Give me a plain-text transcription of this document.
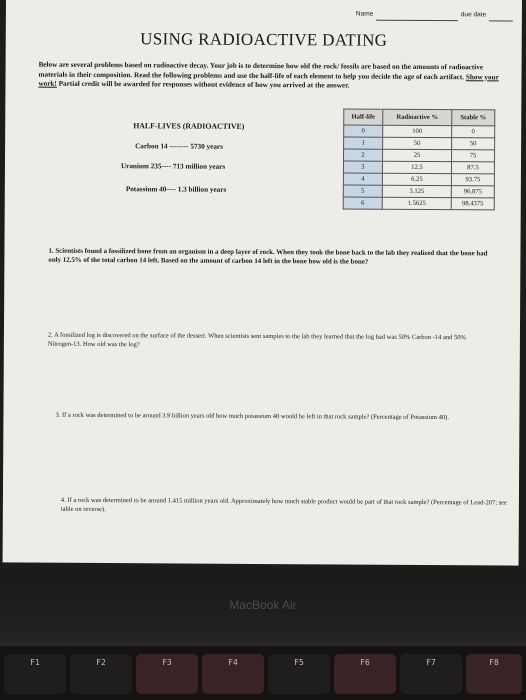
Name	due date
USING RADIOACTIVE DATING
Below are several problems based on radioactive decay. Your job is to determine how old the rock/ fossils are based on the amounts of radioactive materials in their composition. Read the following problems and use the half-life of each element to help you decide the age of each artifact. Show your work! Partial credit will be awarded for responses without evidence of how you arrived at the answer.
HALF-LIVES (RADIOACTIVE)
Carbon 14 -------- 5730 years
Uranium 235---- 713 million years
Potassium 40---- 1.3 billion years
Half-life	Radioactive %	Stable %
0	100	0
1	50	50
2	25	75
3	12.5	87.5
4	6.25	93.75
5	3.125	96.875
6	1.5625	98.4375
1. Scientists found a fossilized bone from an organism in a deep layer of rock. When they took the bone back to the lab they realized that the bone had only 12.5% of the total carbon 14 left. Based on the amount of carbon 14 left in the bone how old is the bone?
2. A fossilized log is discovered on the surface of the dessert. When scientists sent samples to the lab they learned that the log had was 50% Carbon -14 and 50% Nitrogen-13. How old was the log?
3. If a rock was determined to be around 3.9 billion years old how much potassium 40 would be left in that rock sample? (Percentage of Potassium 40).
4. If a rock was determined to be around 1.415 million years old. Approximately how much stable product would be part of that rock sample? (Percentage of Lead-207; see table on reverse).
MacBook Air
F1	F2	F3	F4	F5	F6	F7	F8
